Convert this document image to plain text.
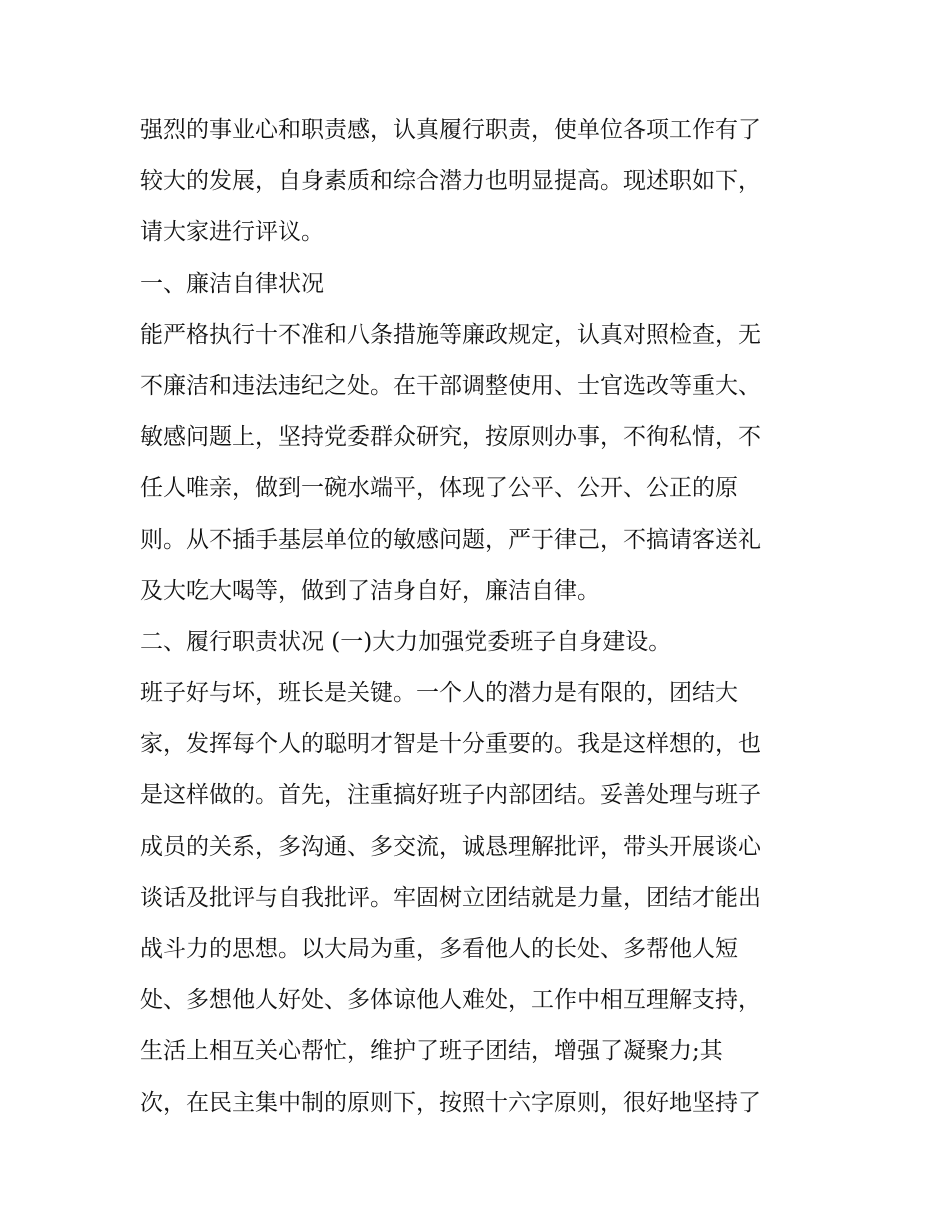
强烈的事业心和职责感，认真履行职责，使单位各项工作有了
较大的发展，自身素质和综合潜力也明显提高。现述职如下，
请大家进行评议。
一、廉洁自律状况
能严格执行十不准和八条措施等廉政规定，认真对照检查，无
不廉洁和违法违纪之处。在干部调整使用、士官选改等重大、
敏感问题上，坚持党委群众研究，按原则办事，不徇私情，不
任人唯亲，做到一碗水端平，体现了公平、公开、公正的原
则。从不插手基层单位的敏感问题，严于律己，不搞请客送礼
及大吃大喝等，做到了洁身自好，廉洁自律。
二、履行职责状况 (一)大力加强党委班子自身建设。
班子好与坏，班长是关键。一个人的潜力是有限的，团结大
家，发挥每个人的聪明才智是十分重要的。我是这样想的，也
是这样做的。首先，注重搞好班子内部团结。妥善处理与班子
成员的关系，多沟通、多交流，诚恳理解批评，带头开展谈心
谈话及批评与自我批评。牢固树立团结就是力量，团结才能出
战斗力的思想。以大局为重，多看他人的长处、多帮他人短
处、多想他人好处、多体谅他人难处，工作中相互理解支持，
生活上相互关心帮忙，维护了班子团结，增强了凝聚力;其
次，在民主集中制的原则下，按照十六字原则，很好地坚持了
